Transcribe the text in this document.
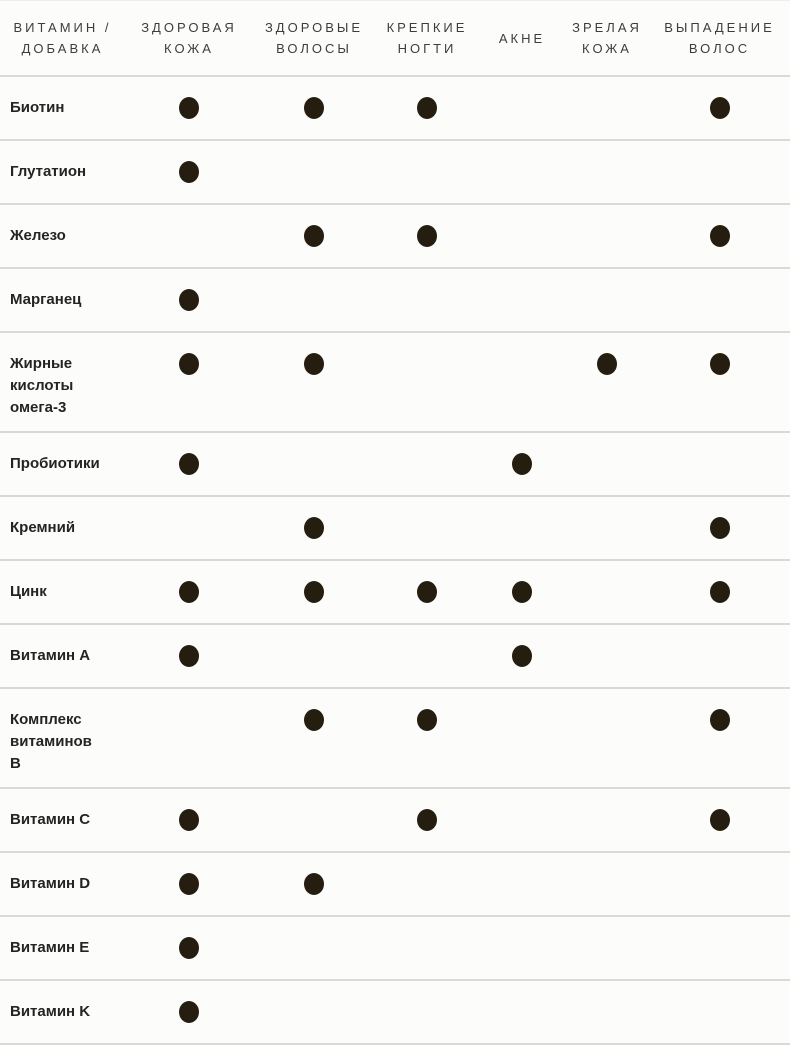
ВИТАМИН / ДОБАВКА
ЗДОРОВАЯ КОЖА
ЗДОРОВЫЕ ВОЛОСЫ
КРЕПКИЕ НОГТИ
АКНЕ
ЗРЕЛАЯ КОЖА
ВЫПАДЕНИЕ ВОЛОС
Биотин
Глутатион
Железо
Марганец
Жирные кислоты омега-3
Пробиотики
Кремний
Цинк
Витамин A
Комплекс витаминов B
Витамин C
Витамин D
Витамин E
Витамин K
